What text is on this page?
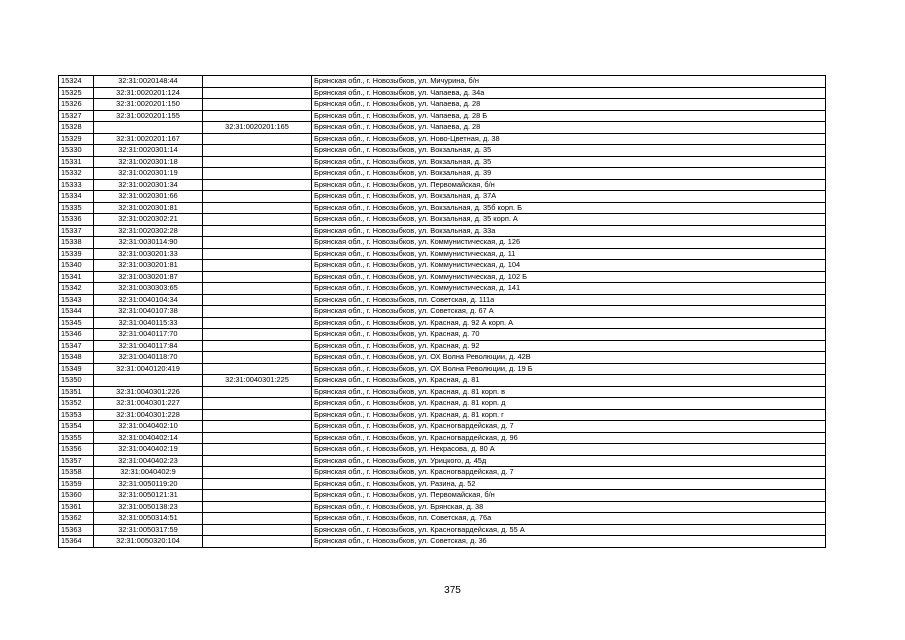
15324	32:31:0020148:44		Брянская обл., г. Новозыбков, ул. Мичурина, б/н
15325	32:31:0020201:124		Брянская обл., г. Новозыбков, ул. Чапаева, д. 34а
15326	32:31:0020201:150		Брянская обл., г. Новозыбков, ул. Чапаева, д. 28
15327	32:31:0020201:155		Брянская обл., г. Новозыбков, ул. Чапаева, д. 28 Б
15328		32:31:0020201:165	Брянская обл., г. Новозыбков, ул. Чапаева, д. 28
15329	32:31:0020201:167		Брянская обл., г. Новозыбков, ул. Ново-Цветная, д. 38
15330	32:31:0020301:14		Брянская обл., г. Новозыбков, ул. Вокзальная, д. 35
15331	32:31:0020301:18		Брянская обл., г. Новозыбков, ул. Вокзальная, д. 35
15332	32:31:0020301:19		Брянская обл., г. Новозыбков, ул. Вокзальная, д. 39
15333	32:31:0020301:34		Брянская обл., г. Новозыбков, ул. Первомайская, б/н
15334	32:31:0020301:66		Брянская обл., г. Новозыбков, ул. Вокзальная, д. 37А
15335	32:31:0020301:81		Брянская обл., г. Новозыбков, ул. Вокзальная, д. 35б корп. Б
15336	32:31:0020302:21		Брянская обл., г. Новозыбков, ул. Вокзальная, д. 35 корп. А
15337	32:31:0020302:28		Брянская обл., г. Новозыбков, ул. Вокзальная, д. 33а
15338	32:31:0030114:90		Брянская обл., г. Новозыбков, ул. Коммунистическая, д. 126
15339	32:31:0030201:33		Брянская обл., г. Новозыбков, ул. Коммунистическая, д. 11
15340	32:31:0030201:81		Брянская обл., г. Новозыбков, ул. Коммунистическая, д. 104
15341	32:31:0030201:87		Брянская обл., г. Новозыбков, ул. Коммунистическая, д. 102 Б
15342	32:31:0030303:65		Брянская обл., г. Новозыбков, ул. Коммунистическая, д. 141
15343	32:31:0040104:34		Брянская обл., г. Новозыбков, пл. Советская, д. 111а
15344	32:31:0040107:38		Брянская обл., г. Новозыбков, ул. Советская, д. 67 А
15345	32:31:0040115:33		Брянская обл., г. Новозыбков, ул. Красная, д. 92 А корп. А
15346	32:31:0040117:70		Брянская обл., г. Новозыбков, ул. Красная, д. 70
15347	32:31:0040117:84		Брянская обл., г. Новозыбков, ул. Красная, д. 92
15348	32:31:0040118:70		Брянская обл., г. Новозыбков, ул. ОХ Волна Революции, д. 42В
15349	32:31:0040120:419		Брянская обл., г. Новозыбков, ул. ОХ Волна Революции, д. 19 Б
15350		32:31:0040301:225	Брянская обл., г. Новозыбков, ул. Красная, д. 81
15351	32:31:0040301:226		Брянская обл., г. Новозыбков, ул. Красная, д. 81 корп. в
15352	32:31:0040301:227		Брянская обл., г. Новозыбков, ул. Красная, д. 81 корп. д
15353	32:31:0040301:228		Брянская обл., г. Новозыбков, ул. Красная, д. 81 корп. г
15354	32:31:0040402:10		Брянская обл., г. Новозыбков, ул. Красногвардейская, д. 7
15355	32:31:0040402:14		Брянская обл., г. Новозыбков, ул. Красногвардейская, д. 96
15356	32:31:0040402:19		Брянская обл., г. Новозыбков, ул. Некрасова, д. 80 А
15357	32:31:0040402:23		Брянская обл., г. Новозыбков, ул. Урицкого, д. 45д
15358	32:31:0040402:9		Брянская обл., г. Новозыбков, ул. Красногвардейская, д. 7
15359	32:31:0050119:20		Брянская обл., г. Новозыбков, ул. Разина, д. 52
15360	32:31:0050121:31		Брянская обл., г. Новозыбков, ул. Первомайская, б/н
15361	32:31:0050138:23		Брянская обл., г. Новозыбков, ул. Брянская, д. 38
15362	32:31:0050314:51		Брянская обл., г. Новозыбков, пл. Советская, д. 76а
15363	32:31:0050317:59		Брянская обл., г. Новозыбков, ул. Красногвардейская, д. 55 А
15364	32:31:0050320:104		Брянская обл., г. Новозыбков, ул. Советская, д. 36
375
